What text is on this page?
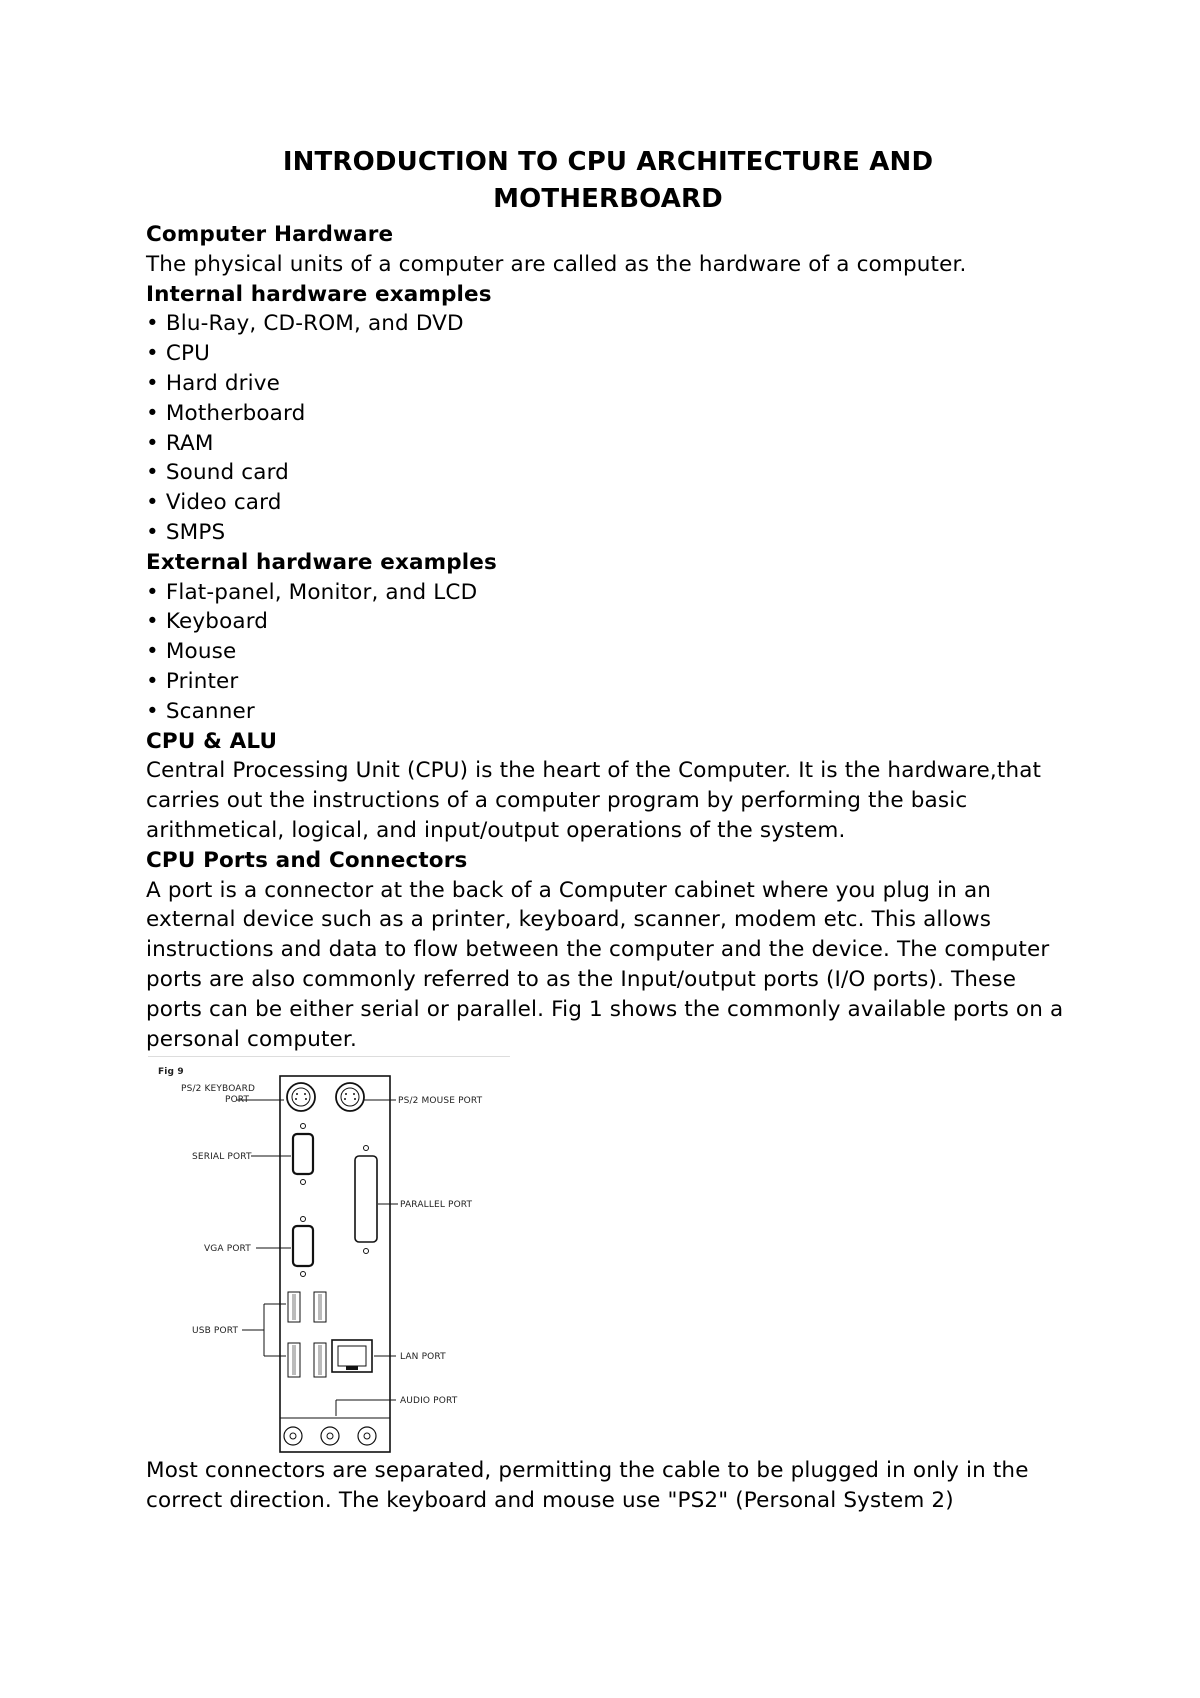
INTRODUCTION TO CPU ARCHITECTURE AND
MOTHERBOARD
Computer Hardware

The physical units of a computer are called as the hardware of a computer.

Internal hardware examples
• Blu-Ray, CD-ROM, and DVD
• CPU
• Hard drive
• Motherboard
• RAM
• Sound card
• Video card
• SMPS
External hardware examples
• Flat-panel, Monitor, and LCD
• Keyboard
• Mouse
• Printer
• Scanner
CPU & ALU

Central Processing Unit (CPU) is the heart of the Computer. It is the hardware,that carries out the instructions of a computer program by performing the basic arithmetical, logical, and input/output operations of the system.

CPU Ports and Connectors

A port is a connector at the back of a Computer cabinet where you plug in an external device such as a printer, keyboard, scanner, modem etc. This allows instructions and data to flow between the computer and the device. The computer ports are also commonly referred to as the Input/output ports (I/O ports). These ports can be either serial or parallel. Fig 1 shows the commonly available ports on a personal computer.

Fig 9
PS/2 KEYBOARD
PORT	PS/2 MOUSE PORT
SERIAL PORT
PARALLEL PORT
VGA PORT
USB PORT
LAN PORT
AUDIO PORT

Most connectors are separated, permitting the cable to be plugged in only in the correct direction. The keyboard and mouse use "PS2" (Personal System 2)
